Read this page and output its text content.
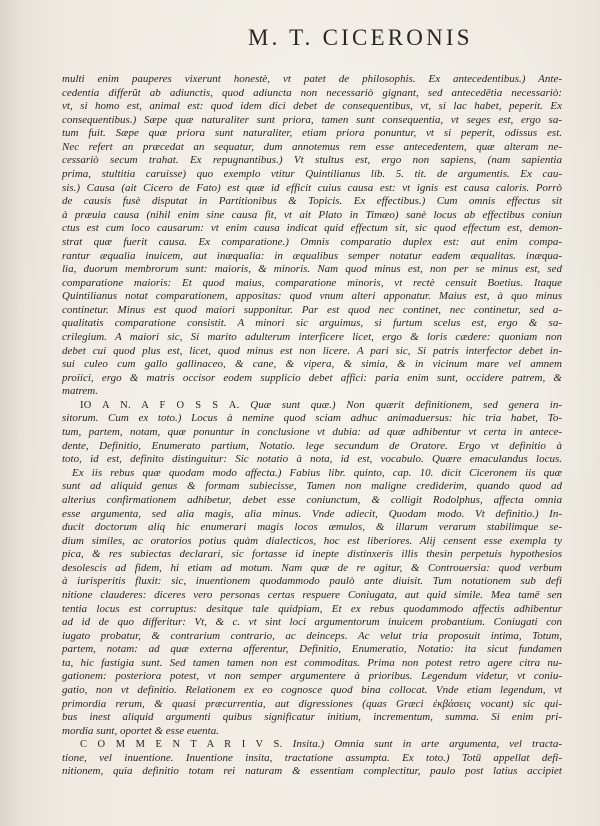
M. T. CICERONIS
multi enim pauperes vixerunt honestè, vt patet de philosophis. Ex antecedentibus.) Ante-
cedentia differũt ab adiunctis, quod adiuncta non necessariò gignant, sed antecedētia necessariò:
vt, si homo est, animal est: quod idem dici debet de consequentibus, vt, si lac habet, peperit. Ex
consequentibus.) Sæpe quæ naturaliter sunt priora, tamen sunt consequentia, vt seges est, ergo sa-
tum fuit. Sæpe quæ priora sunt naturaliter, etiam priora ponuntur, vt si peperit, odissus est.
Nec refert an præcedat an sequatur, dum annotemus rem esse antecedentem, quæ alteram ne-
cessariò secum trahat. Ex repugnantibus.) Vt stultus est, ergo non sapiens, (nam sapientia
prima, stultitia caruisse) quo exemplo vtitur Quintilianus lib. 5. tit. de argumentis. Ex cau-
sis.) Causa (ait Cicero de Fato) est quæ id efficit cuius causa est: vt ignis est causa caloris. Porrò
de causis fusè disputat in Partitionibus & Topicis. Ex effectibus.) Cum omnis effectus sit
à præuia causa (nihil enim sine causa fit, vt ait Plato in Timæo) sanè locus ab effectibus coniun
ctus est cum loco causarum: vt enim causa indicat quid effectum sit, sic quod effectum est, demon-
strat quæ fuerit causa. Ex comparatione.) Omnis comparatio duplex est: aut enim compa-
rantur æqualia inuicem, aut inæqualia: in æqualibus semper notatur eadem æqualitas. inæqua-
lia, duorum membrorum sunt: maioris, & minoris. Nam quod minus est, non per se minus est, sed
comparatione maioris: Et quod maius, comparatione minoris, vt rectè censuit Boetius. Itaque
Quintilianus notat comparationem, appositas: quod vnum alteri apponatur. Maius est, à quo minus
continetur. Minus est quod maiori supponitur. Par est quod nec continet, nec continetur, sed a-
qualitatis comparatione consistit. A minori sic arguimus, si furtum scelus est, ergo & sa-
crilegium. A maiori sic, Si marito adulterum interficere licet, ergo & loris cædere: quoniam non
debet cui quod plus est, licet, quod minus est non licere. A pari sic, Si patris interfector debet in-
sui culeo cum gallo gallinaceo, & cane, & vipera, & simia, & in vicinum mare vel amnem
proiici, ergo & matris occisor eodem supplicio debet affici: paria enim sunt, occidere patrem, &
matrem.
IO A N. A F O S S A. Quæ sunt quæ.) Non quærit definitionem, sed genera in-
sitorum. Cum ex toto.) Locus à nemine quod sciam adhuc animaduersus: hic tria habet, To-
tum, partem, notam, quæ ponuntur in conclusione vt dubia: ad quæ adhibentur vt certa in antece-
dente, Definitio, Enumerato partium, Notatio. lege secundum de Oratore. Ergo vt definitio à
toto, id est, definito distinguitur: Sic notatio à nota, id est, vocabulo. Quære emaculandus locus.
Ex iis rebus quæ quodam modo affecta.) Fabius libr. quinto, cap. 10. dicit Ciceronem iis quæ
sunt ad aliquid genus & formam subiecisse, Tamen non maligne crediderim, quando quod ad
alterius confirmationem adhibetur, debet esse coniunctum, & colligit Rodolphus, affecta omnia
esse argumenta, sed alia magis, alia minus. Vnde adiecit, Quodam modo. Vt definitio.) In-
ducit doctorum aliq hic enumerari magis locos æmulos, & illarum verarum stabilimque se-
dium similes, ac oratorios potius quàm dialecticos, hoc est liberiores. Alij censent esse exempla ty
pica, & res subiectas declarari, sic fortasse id inepte distinxeris illis thesin perpetuis hypothesios
desolescis ad fidem, hi etiam ad motum. Nam quæ de re agitur, & Controuersia: quod verbum
à iurisperitis fluxit: sic, inuentionem quodammodo paulò ante diuisit. Tum notationem sub defi
nitione clauderes: diceres vero personas certas respuere Coniugata, aut quid simile. Mea tamē sen
tentia locus est corruptus: desitque tale quidpiam, Et ex rebus quodammodo affectis adhibentur
ad id de quo differitur: Vt, & c. vt sint loci argumentorum inuicem probantium. Coniugati con
iugato probatur, & contrarium contrario, ac deinceps. Ac velut tria proposuit intima, Totum,
partem, notam: ad quæ externa afferentur, Definitio, Enumeratio, Notatio: ita sicut fundamen
ta, hic fastigia sunt. Sed tamen tamen non est commoditas. Prima non potest retro agere citra nu-
gationem: posteriora potest, vt non semper argumentere à prioribus. Legendum videtur, vt coniu-
gatio, non vt definitio. Relationem ex eo cognosce quod bina collocat. Vnde etiam legendum, vt
primordia rerum, & quasi præcurrentia, aut digressiones (quas Græci ἐκβάσεις vocant) sic qui-
bus inest aliquid argumenti quibus significatur initium, incrementum, summa. Si enim pri-
mordia sunt, oportet & esse euenta.
C O M M E N T A R I V S. Insita.) Omnia sunt in arte argumenta, vel tracta-
tione, vel inuentione. Inuentione insita, tractatione assumpta. Ex toto.) Totū appellat defi-
nitionem, quia definitio totam rei naturam & essentiam complectitur, paulo post latius accipiet
